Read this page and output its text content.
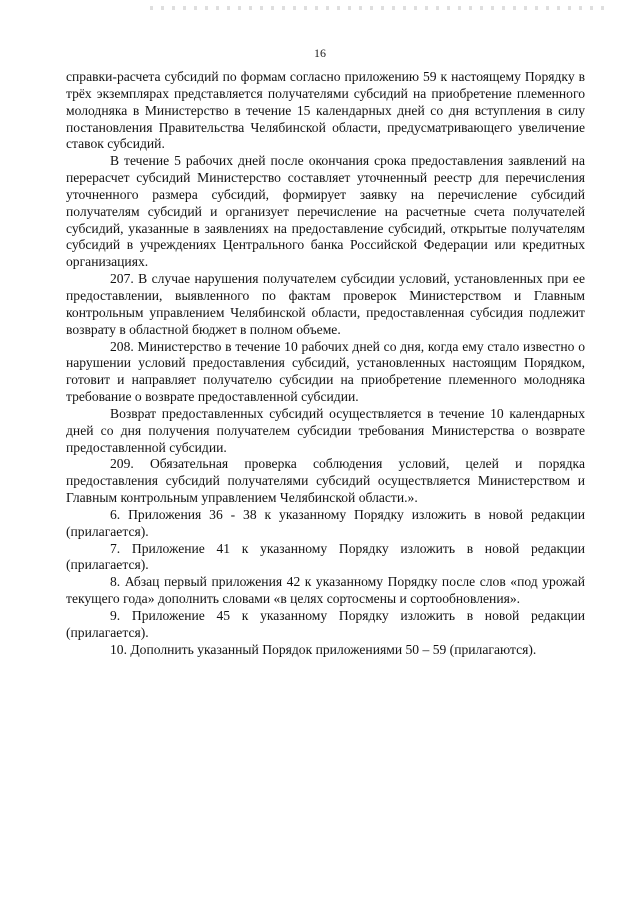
16

справки-расчета субсидий по формам согласно приложению 59 к настоящему Порядку в трёх экземплярах представляется получателями субсидий на приобретение племенного молодняка в Министерство в течение 15 календарных дней со дня вступления в силу постановления Правительства Челябинской области, предусматривающего увеличение ставок субсидий.

В течение 5 рабочих дней после окончания срока предоставления заявлений на перерасчет субсидий Министерство составляет уточненный реестр для перечисления уточненного размера субсидий, формирует заявку на перечисление субсидий получателям субсидий и организует перечисление на расчетные счета получателей субсидий, указанные в заявлениях на предоставление субсидий, открытые получателям субсидий в учреждениях Центрального банка Российской Федерации или кредитных организациях.

207. В случае нарушения получателем субсидии условий, установленных при ее предоставлении, выявленного по фактам проверок Министерством и Главным контрольным управлением Челябинской области, предоставленная субсидия подлежит возврату в областной бюджет в полном объеме.

208. Министерство в течение 10 рабочих дней со дня, когда ему стало известно о нарушении условий предоставления субсидий, установленных настоящим Порядком, готовит и направляет получателю субсидии на приобретение племенного молодняка требование о возврате предоставленной субсидии.

Возврат предоставленных субсидий осуществляется в течение 10 календарных дней со дня получения получателем субсидии требования Министерства о возврате предоставленной субсидии.

209. Обязательная проверка соблюдения условий, целей и порядка предоставления субсидий получателями субсидий осуществляется Министерством и Главным контрольным управлением Челябинской области.».

6. Приложения 36 - 38 к указанному Порядку изложить в новой редакции (прилагается).

7. Приложение 41 к указанному Порядку изложить в новой редакции (прилагается).

8. Абзац первый приложения 42 к указанному Порядку после слов «под урожай текущего года» дополнить словами «в целях сортосмены и сортообновления».

9. Приложение 45 к указанному Порядку изложить в новой редакции (прилагается).

10. Дополнить указанный Порядок приложениями 50 – 59 (прилагаются).
